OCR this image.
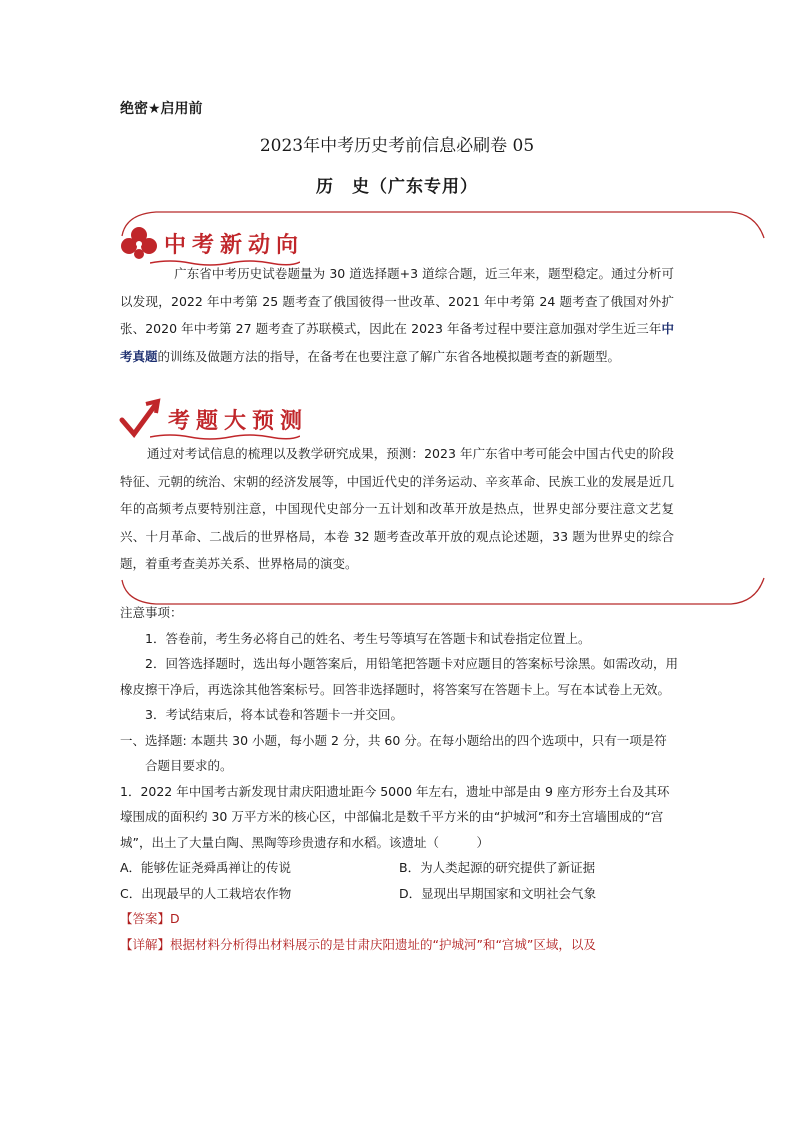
绝密★启用前
2023年中考历史考前信息必刷卷 05
历　史（广东专用）
中考新动向
广东省中考历史试卷题量为 30 道选择题+3 道综合题，近三年来，题型稳定。通过分析可以发现，2022 年中考第 25 题考查了俄国彼得一世改革、2021 年中考第 24 题考查了俄国对外扩张、2020 年中考第 27 题考查了苏联模式，因此在 2023 年备考过程中要注意加强对学生近三年中考真题的训练及做题方法的指导，在备考在也要注意了解广东省各地模拟题考查的新题型。
考题大预测
通过对考试信息的梳理以及教学研究成果，预测：2023 年广东省中考可能会中国古代史的阶段特征、元朝的统治、宋朝的经济发展等，中国近代史的洋务运动、辛亥革命、民族工业的发展是近几年的高频考点要特别注意，中国现代史部分一五计划和改革开放是热点，世界史部分要注意文艺复兴、十月革命、二战后的世界格局，本卷 32 题考查改革开放的观点论述题，33 题为世界史的综合题，着重考查美苏关系、世界格局的演变。

注意事项：

1．答卷前，考生务必将自己的姓名、考生号等填写在答题卡和试卷指定位置上。

2．回答选择题时，选出每小题答案后，用铅笔把答题卡对应题目的答案标号涂黑。如需改动，用橡皮擦干净后，再选涂其他答案标号。回答非选择题时，将答案写在答题卡上。写在本试卷上无效。

3．考试结束后，将本试卷和答题卡一并交回。

一、选择题: 本题共 30 小题，每小题 2 分，共 60 分。在每小题给出的四个选项中，只有一项是符合题目要求的。

1．2022 年中国考古新发现甘肃庆阳遗址距今 5000 年左右，遗址中部是由 9 座方形夯土台及其环壕围成的面积约 30 万平方米的核心区，中部偏北是数千平方米的由“护城河”和夯土宫墙围成的“宫城”，出土了大量白陶、黑陶等珍贵遗存和水稻。该遗址（　　　）

A．能够佐证尧舜禹禅让的传说	B．为人类起源的研究提供了新证据
C．出现最早的人工栽培农作物	D．显现出早期国家和文明社会气象

【答案】D

【详解】根据材料分析得出材料展示的是甘肃庆阳遗址的“护城河”和“宫城”区域，以及
